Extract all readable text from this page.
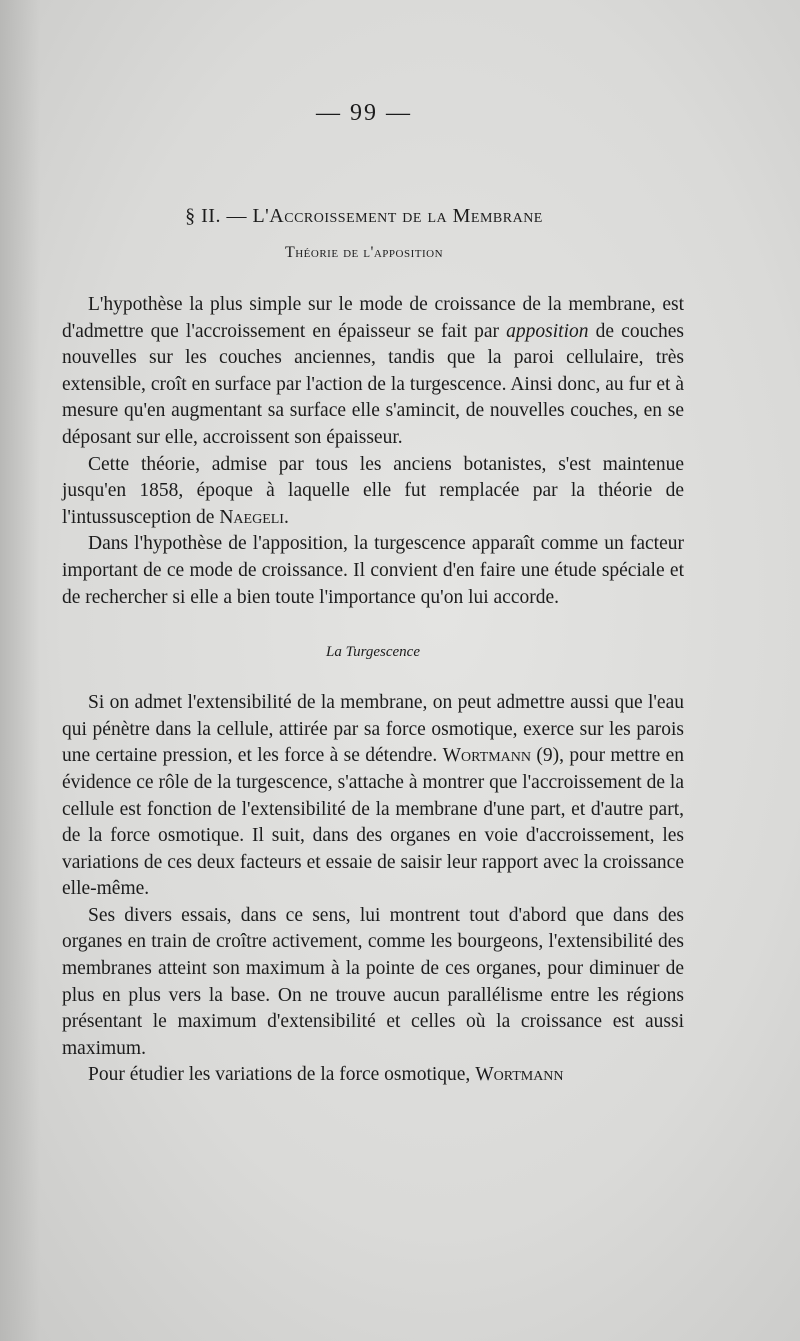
— 99 —
§ II. — L'Accroissement de la Membrane
Théorie de l'apposition

L'hypothèse la plus simple sur le mode de croissance de la membrane, est d'admettre que l'accroissement en épaisseur se fait par apposition de couches nouvelles sur les couches anciennes, tandis que la paroi cellulaire, très extensible, croît en surface par l'action de la turgescence. Ainsi donc, au fur et à mesure qu'en augmentant sa surface elle s'amincit, de nouvelles couches, en se déposant sur elle, accroissent son épaisseur.

Cette théorie, admise par tous les anciens botanistes, s'est maintenue jusqu'en 1858, époque à laquelle elle fut remplacée par la théorie de l'intussusception de Naegeli.

Dans l'hypothèse de l'apposition, la turgescence apparaît comme un facteur important de ce mode de croissance. Il convient d'en faire une étude spéciale et de rechercher si elle a bien toute l'importance qu'on lui accorde.

La Turgescence

Si on admet l'extensibilité de la membrane, on peut admettre aussi que l'eau qui pénètre dans la cellule, attirée par sa force osmotique, exerce sur les parois une certaine pression, et les force à se détendre. Wortmann (9), pour mettre en évidence ce rôle de la turgescence, s'attache à montrer que l'accroissement de la cellule est fonction de l'extensibilité de la membrane d'une part, et d'autre part, de la force osmotique. Il suit, dans des organes en voie d'accroissement, les variations de ces deux facteurs et essaie de saisir leur rapport avec la croissance elle-même.

Ses divers essais, dans ce sens, lui montrent tout d'abord que dans des organes en train de croître activement, comme les bourgeons, l'extensibilité des membranes atteint son maximum à la pointe de ces organes, pour diminuer de plus en plus vers la base. On ne trouve aucun parallélisme entre les régions présentant le maximum d'extensibilité et celles où la croissance est aussi maximum.

Pour étudier les variations de la force osmotique, Wortmann
